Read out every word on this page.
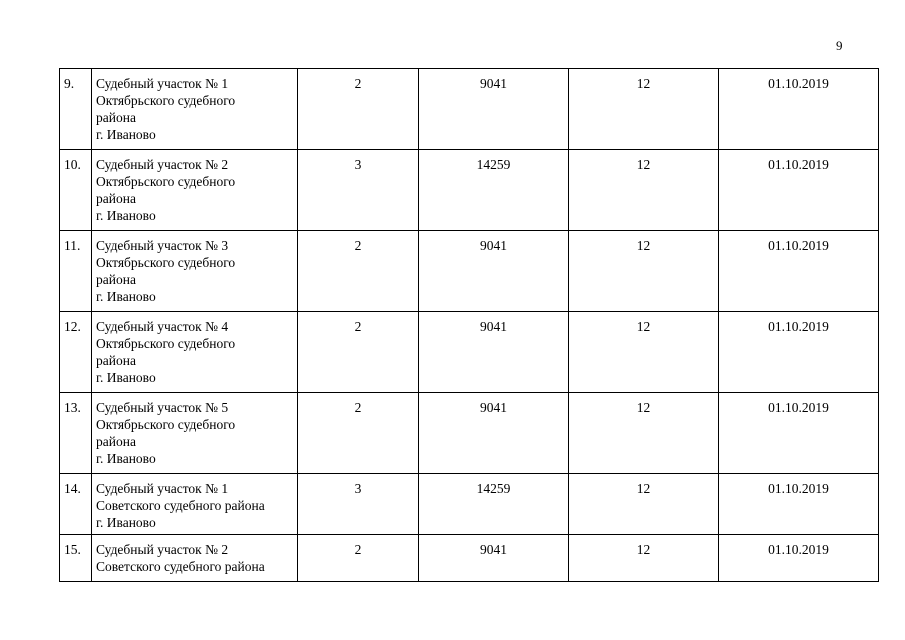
9
9.	Судебный участок № 1
Октябрьского судебного
района
г. Иваново	2	9041	12	01.10.2019
10.	Судебный участок № 2
Октябрьского судебного
района
г. Иваново	3	14259	12	01.10.2019
11.	Судебный участок № 3
Октябрьского судебного
района
г. Иваново	2	9041	12	01.10.2019
12.	Судебный участок № 4
Октябрьского судебного
района
г. Иваново	2	9041	12	01.10.2019
13.	Судебный участок № 5
Октябрьского судебного
района
г. Иваново	2	9041	12	01.10.2019
14.	Судебный участок № 1
Советского судебного района
г. Иваново	3	14259	12	01.10.2019
15.	Судебный участок № 2
Советского судебного района	2	9041	12	01.10.2019
